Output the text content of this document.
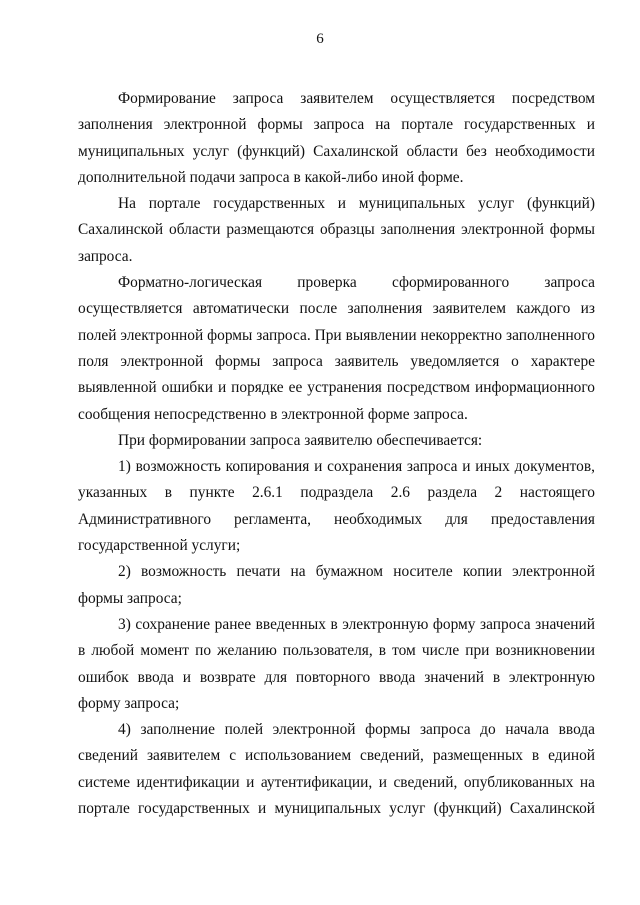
6

Формирование запроса заявителем осуществляется посредством заполнения электронной формы запроса на портале государственных и муниципальных услуг (функций) Сахалинской области без необходимости дополнительной подачи запроса в какой-либо иной форме.

На портале государственных и муниципальных услуг (функций) Сахалинской области размещаются образцы заполнения электронной формы запроса.

Форматно-логическая проверка сформированного запроса осуществляется автоматически после заполнения заявителем каждого из полей электронной формы запроса. При выявлении некорректно заполненного поля электронной формы запроса заявитель уведомляется о характере выявленной ошибки и порядке ее устранения посредством информационного сообщения непосредственно в электронной форме запроса.

При формировании запроса заявителю обеспечивается:

1) возможность копирования и сохранения запроса и иных документов, указанных в пункте 2.6.1 подраздела 2.6 раздела 2 настоящего Административного регламента, необходимых для предоставления государственной услуги;

2) возможность печати на бумажном носителе копии электронной формы запроса;

3) сохранение ранее введенных в электронную форму запроса значений в любой момент по желанию пользователя, в том числе при возникновении ошибок ввода и возврате для повторного ввода значений в электронную форму запроса;

4) заполнение полей электронной формы запроса до начала ввода сведений заявителем с использованием сведений, размещенных в единой системе идентификации и аутентификации, и сведений, опубликованных на портале государственных и муниципальных услуг (функций) Сахалинской
